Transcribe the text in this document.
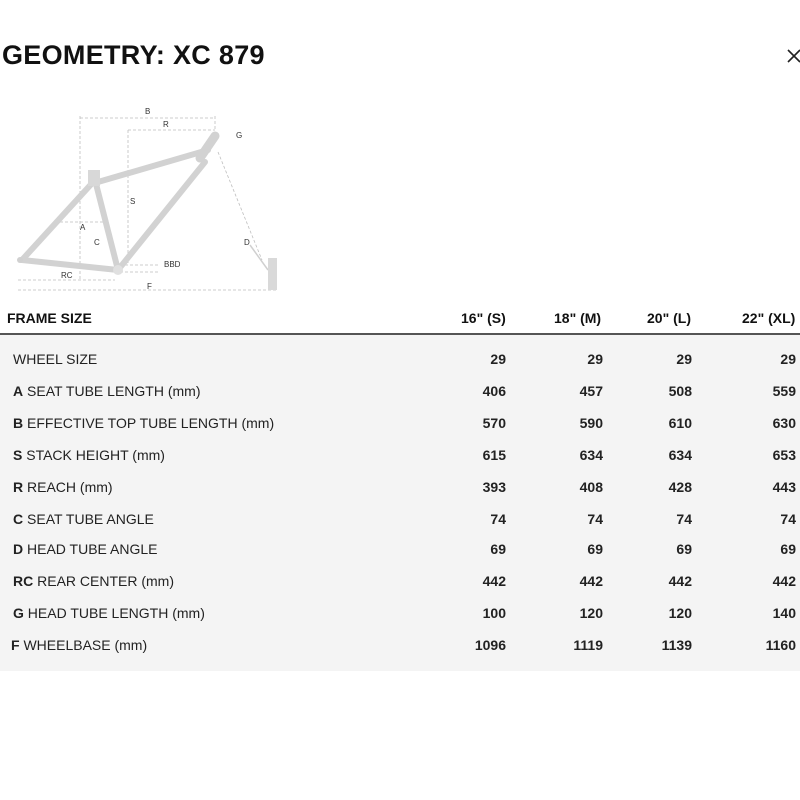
GEOMETRY: XC 879
B
R
G
S
A
C	D
BBD
RC
F
FRAME SIZE	16" (S)	18" (M)	20" (L)	22" (XL)
WHEEL SIZE	29	29	29	29
A SEAT TUBE LENGTH (mm)	406	457	508	559
B EFFECTIVE TOP TUBE LENGTH (mm)	570	590	610	630
S STACK HEIGHT (mm)	615	634	634	653
R REACH (mm)	393	408	428	443
C SEAT TUBE ANGLE	74	74	74	74
D HEAD TUBE ANGLE	69	69	69	69
RC REAR CENTER (mm)	442	442	442	442
G HEAD TUBE LENGTH (mm)	100	120	120	140
F WHEELBASE (mm)	1096	1119	1139	1160
